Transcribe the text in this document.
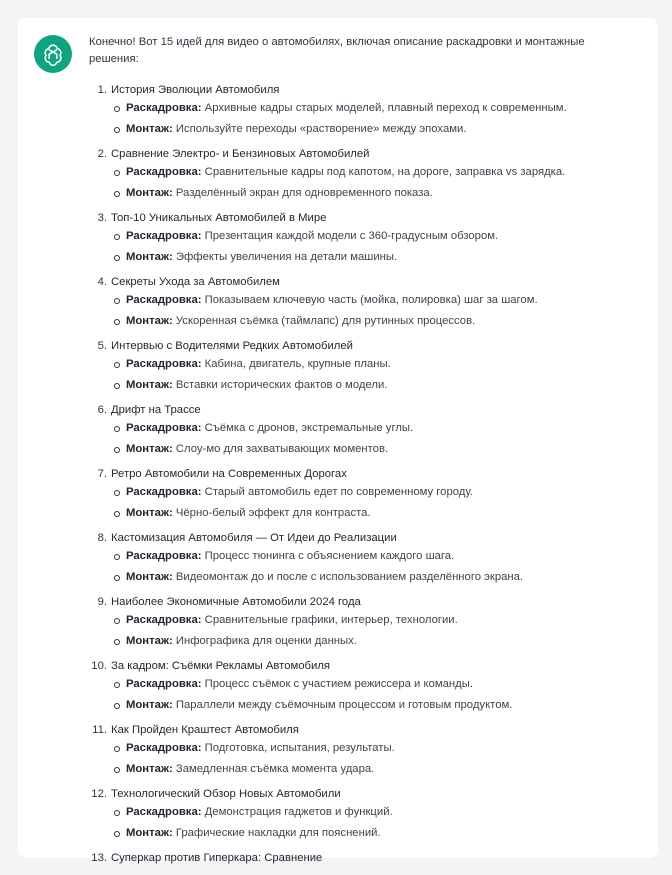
Конечно! Вот 15 идей для видео о автомобилях, включая описание раскадровки и монтажные решения:

1. История Эволюции Автомобиля
Раскадровка: Архивные кадры старых моделей, плавный переход к современным.
Монтаж: Используйте переходы «растворение» между эпохами.
2. Сравнение Электро- и Бензиновых Автомобилей
Раскадровка: Сравнительные кадры под капотом, на дороге, заправка vs зарядка.
Монтаж: Разделённый экран для одновременного показа.
3. Топ-10 Уникальных Автомобилей в Мире
Раскадровка: Презентация каждой модели с 360-градусным обзором.
Монтаж: Эффекты увеличения на детали машины.
4. Секреты Ухода за Автомобилем
Раскадровка: Показываем ключевую часть (мойка, полировка) шаг за шагом.
Монтаж: Ускоренная съёмка (таймлапс) для рутинных процессов.
5. Интервью с Водителями Редких Автомобилей
Раскадровка: Кабина, двигатель, крупные планы.
Монтаж: Вставки исторических фактов о модели.
6. Дрифт на Трассе
Раскадровка: Съёмка с дронов, экстремальные углы.
Монтаж: Слоу-мо для захватывающих моментов.
7. Ретро Автомобили на Современных Дорогах
Раскадровка: Старый автомобиль едет по современному городу.
Монтаж: Чёрно-белый эффект для контраста.
8. Кастомизация Автомобиля — От Идеи до Реализации
Раскадровка: Процесс тюнинга с объяснением каждого шага.
Монтаж: Видеомонтаж до и после с использованием разделённого экрана.
9. Наиболее Экономичные Автомобили 2024 года
Раскадровка: Сравнительные графики, интерьер, технологии.
Монтаж: Инфографика для оценки данных.
10. За кадром: Съёмки Рекламы Автомобиля
Раскадровка: Процесс съёмок с участием режиссера и команды.
Монтаж: Параллели между съёмочным процессом и готовым продуктом.
11. Как Пройден Краштест Автомобиля
Раскадровка: Подготовка, испытания, результаты.
Монтаж: Замедленная съёмка момента удара.
12. Технологический Обзор Новых Автомобили
Раскадровка: Демонстрация гаджетов и функций.
Монтаж: Графические накладки для пояснений.
13. Суперкар против Гиперкара: Сравнение
